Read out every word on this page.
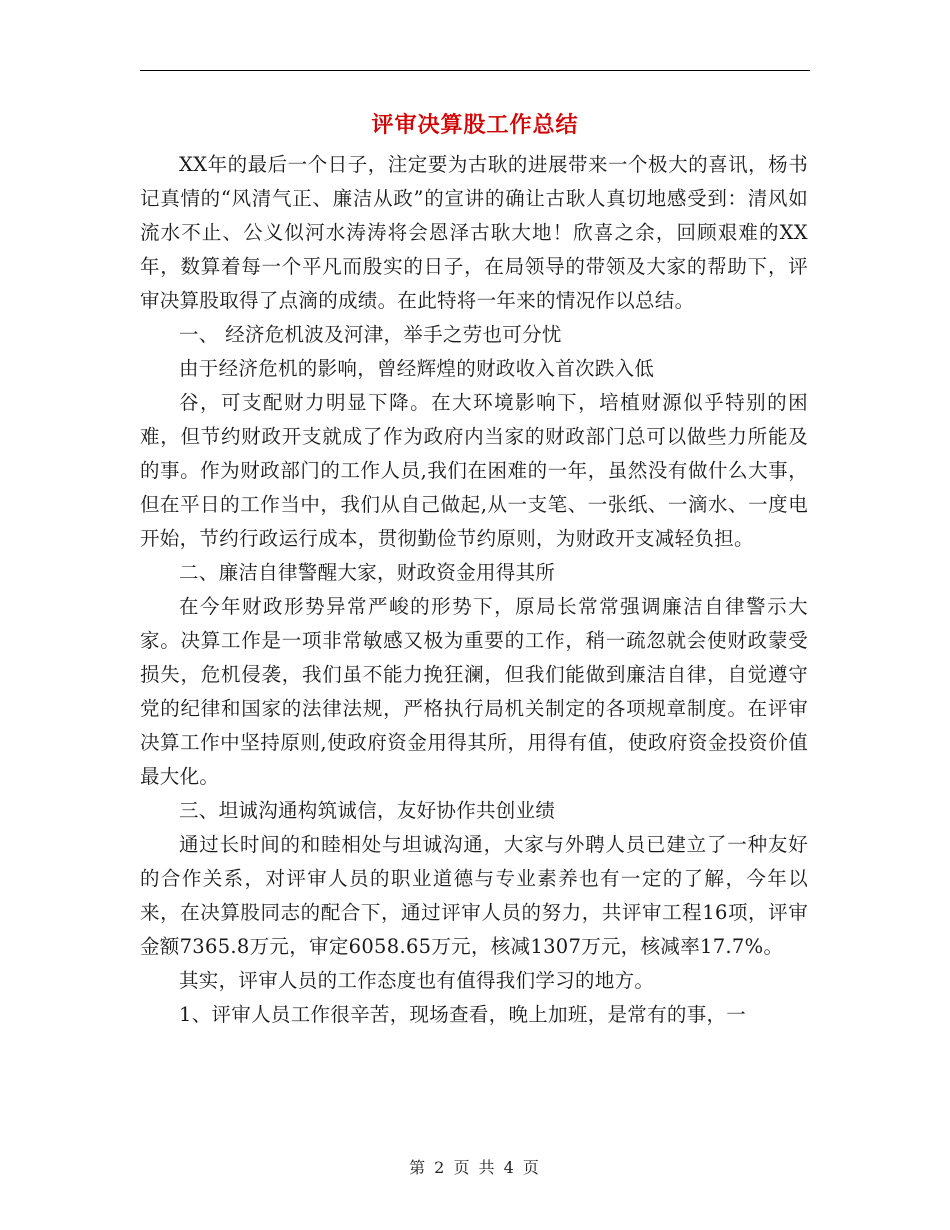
评审决算股工作总结

XX年的最后一个日子，注定要为古耿的进展带来一个极大的喜讯，杨书记真情的“风清气正、廉洁从政”的宣讲的确让古耿人真切地感受到：清风如流水不止、公义似河水涛涛将会恩泽古耿大地！欣喜之余，回顾艰难的XX年，数算着每一个平凡而殷实的日子，在局领导的带领及大家的帮助下，评审决算股取得了点滴的成绩。在此特将一年来的情况作以总结。

一、 经济危机波及河津，举手之劳也可分忧

由于经济危机的影响，曾经辉煌的财政收入首次跌入低

谷，可支配财力明显下降。在大环境影响下，培植财源似乎特别的困难，但节约财政开支就成了作为政府内当家的财政部门总可以做些力所能及的事。作为财政部门的工作人员,我们在困难的一年，虽然没有做什么大事，但在平日的工作当中，我们从自己做起,从一支笔、一张纸、一滴水、一度电开始，节约行政运行成本，贯彻勤俭节约原则，为财政开支减轻负担。

二、廉洁自律警醒大家，财政资金用得其所

在今年财政形势异常严峻的形势下，原局长常常强调廉洁自律警示大家。决算工作是一项非常敏感又极为重要的工作，稍一疏忽就会使财政蒙受损失，危机侵袭，我们虽不能力挽狂澜，但我们能做到廉洁自律，自觉遵守党的纪律和国家的法律法规，严格执行局机关制定的各项规章制度。在评审决算工作中坚持原则,使政府资金用得其所，用得有值，使政府资金投资价值最大化。

三、坦诚沟通构筑诚信，友好协作共创业绩

通过长时间的和睦相处与坦诚沟通，大家与外聘人员已建立了一种友好的合作关系，对评审人员的职业道德与专业素养也有一定的了解，今年以来，在决算股同志的配合下，通过评审人员的努力，共评审工程16项，评审金额7365.8万元，审定6058.65万元，核减1307万元，核减率17.7%。

其实，评审人员的工作态度也有值得我们学习的地方。

1、评审人员工作很辛苦，现场查看，晚上加班，是常有的事，一

第 2 页 共 4 页
